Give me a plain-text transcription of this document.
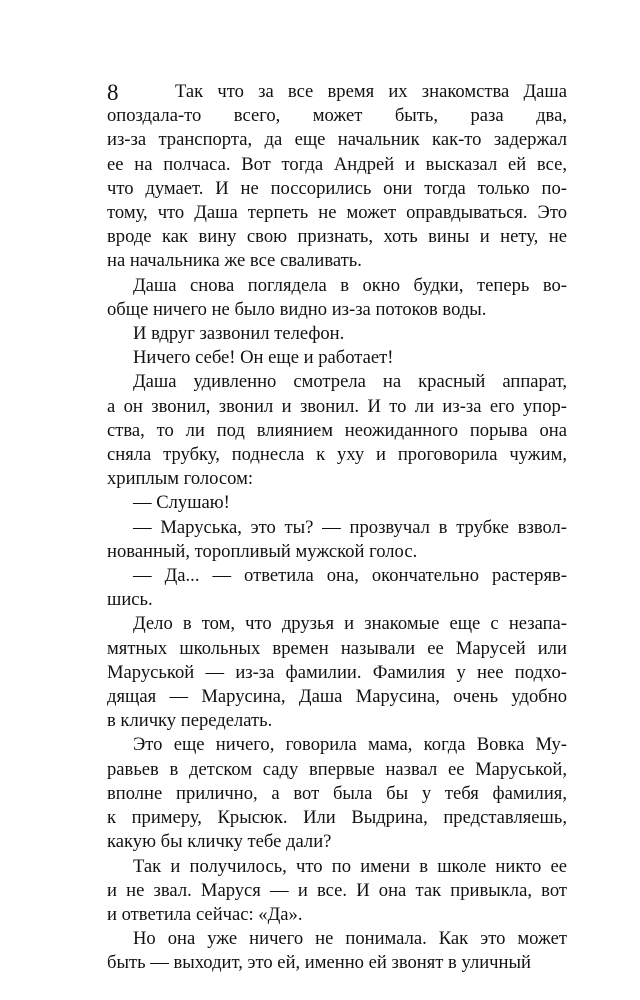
8	Так что за все время их знакомства Даша
опоздала-то всего, может быть, раза два,
из-за транспорта, да еще начальник как-то задержал
ее на полчаса. Вот тогда Андрей и высказал ей все,
что думает. И не поссорились они тогда только по-
тому, что Даша терпеть не может оправдываться. Это
вроде как вину свою признать, хоть вины и нету, не
на начальника же все сваливать.
Даша снова поглядела в окно будки, теперь во-
обще ничего не было видно из-за потоков воды.
И вдруг зазвонил телефон.
Ничего себе! Он еще и работает!
Даша удивленно смотрела на красный аппарат,
а он звонил, звонил и звонил. И то ли из-за его упор-
ства, то ли под влиянием неожиданного порыва она
сняла трубку, поднесла к уху и проговорила чужим,
хриплым голосом:
— Слушаю!
— Маруська, это ты? — прозвучал в трубке взвол-
нованный, торопливый мужской голос.
— Да... — ответила она, окончательно растеряв-
шись.
Дело в том, что друзья и знакомые еще с незапа-
мятных школьных времен называли ее Марусей или
Маруськой — из-за фамилии. Фамилия у нее подхо-
дящая — Марусина, Даша Марусина, очень удобно
в кличку переделать.
Это еще ничего, говорила мама, когда Вовка Му-
равьев в детском саду впервые назвал ее Маруськой,
вполне прилично, а вот была бы у тебя фамилия,
к примеру, Крысюк. Или Выдрина, представляешь,
какую бы кличку тебе дали?
Так и получилось, что по имени в школе никто ее
и не звал. Маруся — и все. И она так привыкла, вот
и ответила сейчас: «Да».
Но она уже ничего не понимала. Как это может
быть — выходит, это ей, именно ей звонят в уличный
